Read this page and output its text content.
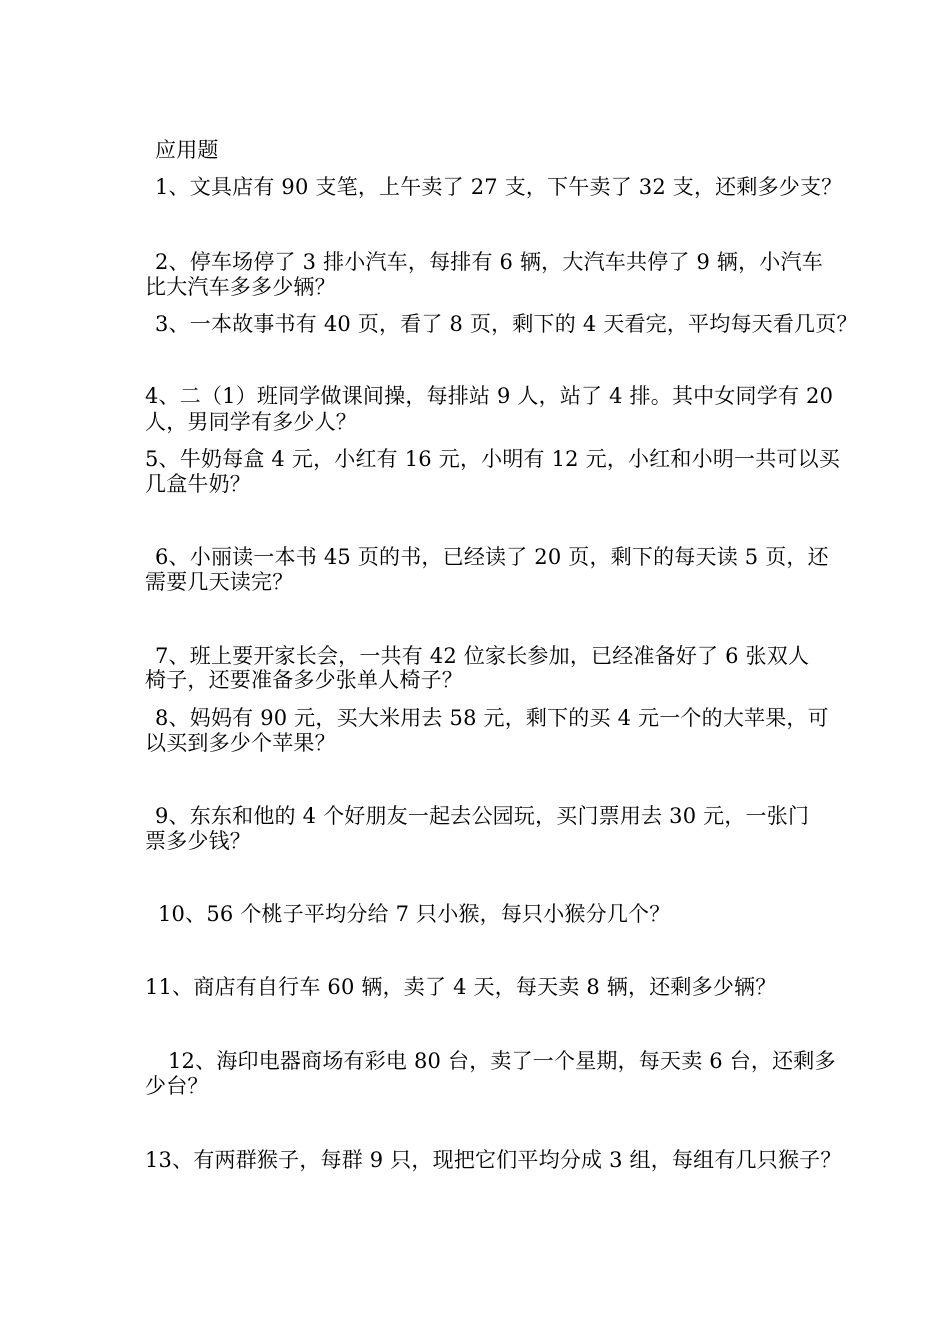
应用题
1、文具店有 90 支笔，上午卖了 27 支，下午卖了 32 支，还剩多少支？
2、停车场停了 3 排小汽车，每排有 6 辆，大汽车共停了 9 辆，小汽车
比大汽车多多少辆？
3、一本故事书有 40 页，看了 8 页，剩下的 4 天看完，平均每天看几页？
4、二（1）班同学做课间操，每排站 9 人，站了 4 排。其中女同学有 20
人，男同学有多少人？
5、牛奶每盒 4 元，小红有 16 元，小明有 12 元，小红和小明一共可以买
几盒牛奶？
6、小丽读一本书 45 页的书，已经读了 20 页，剩下的每天读 5 页，还
需要几天读完？
7、班上要开家长会，一共有 42 位家长参加，已经准备好了 6 张双人
椅子，还要准备多少张单人椅子？
8、妈妈有 90 元，买大米用去 58 元，剩下的买 4 元一个的大苹果，可
以买到多少个苹果？
9、东东和他的 4 个好朋友一起去公园玩，买门票用去 30 元，一张门
票多少钱？
10、56 个桃子平均分给 7 只小猴，每只小猴分几个？
11、商店有自行车 60 辆，卖了 4 天，每天卖 8 辆，还剩多少辆？
12、海印电器商场有彩电 80 台，卖了一个星期，每天卖 6 台，还剩多
少台？
13、有两群猴子，每群 9 只，现把它们平均分成 3 组，每组有几只猴子？
